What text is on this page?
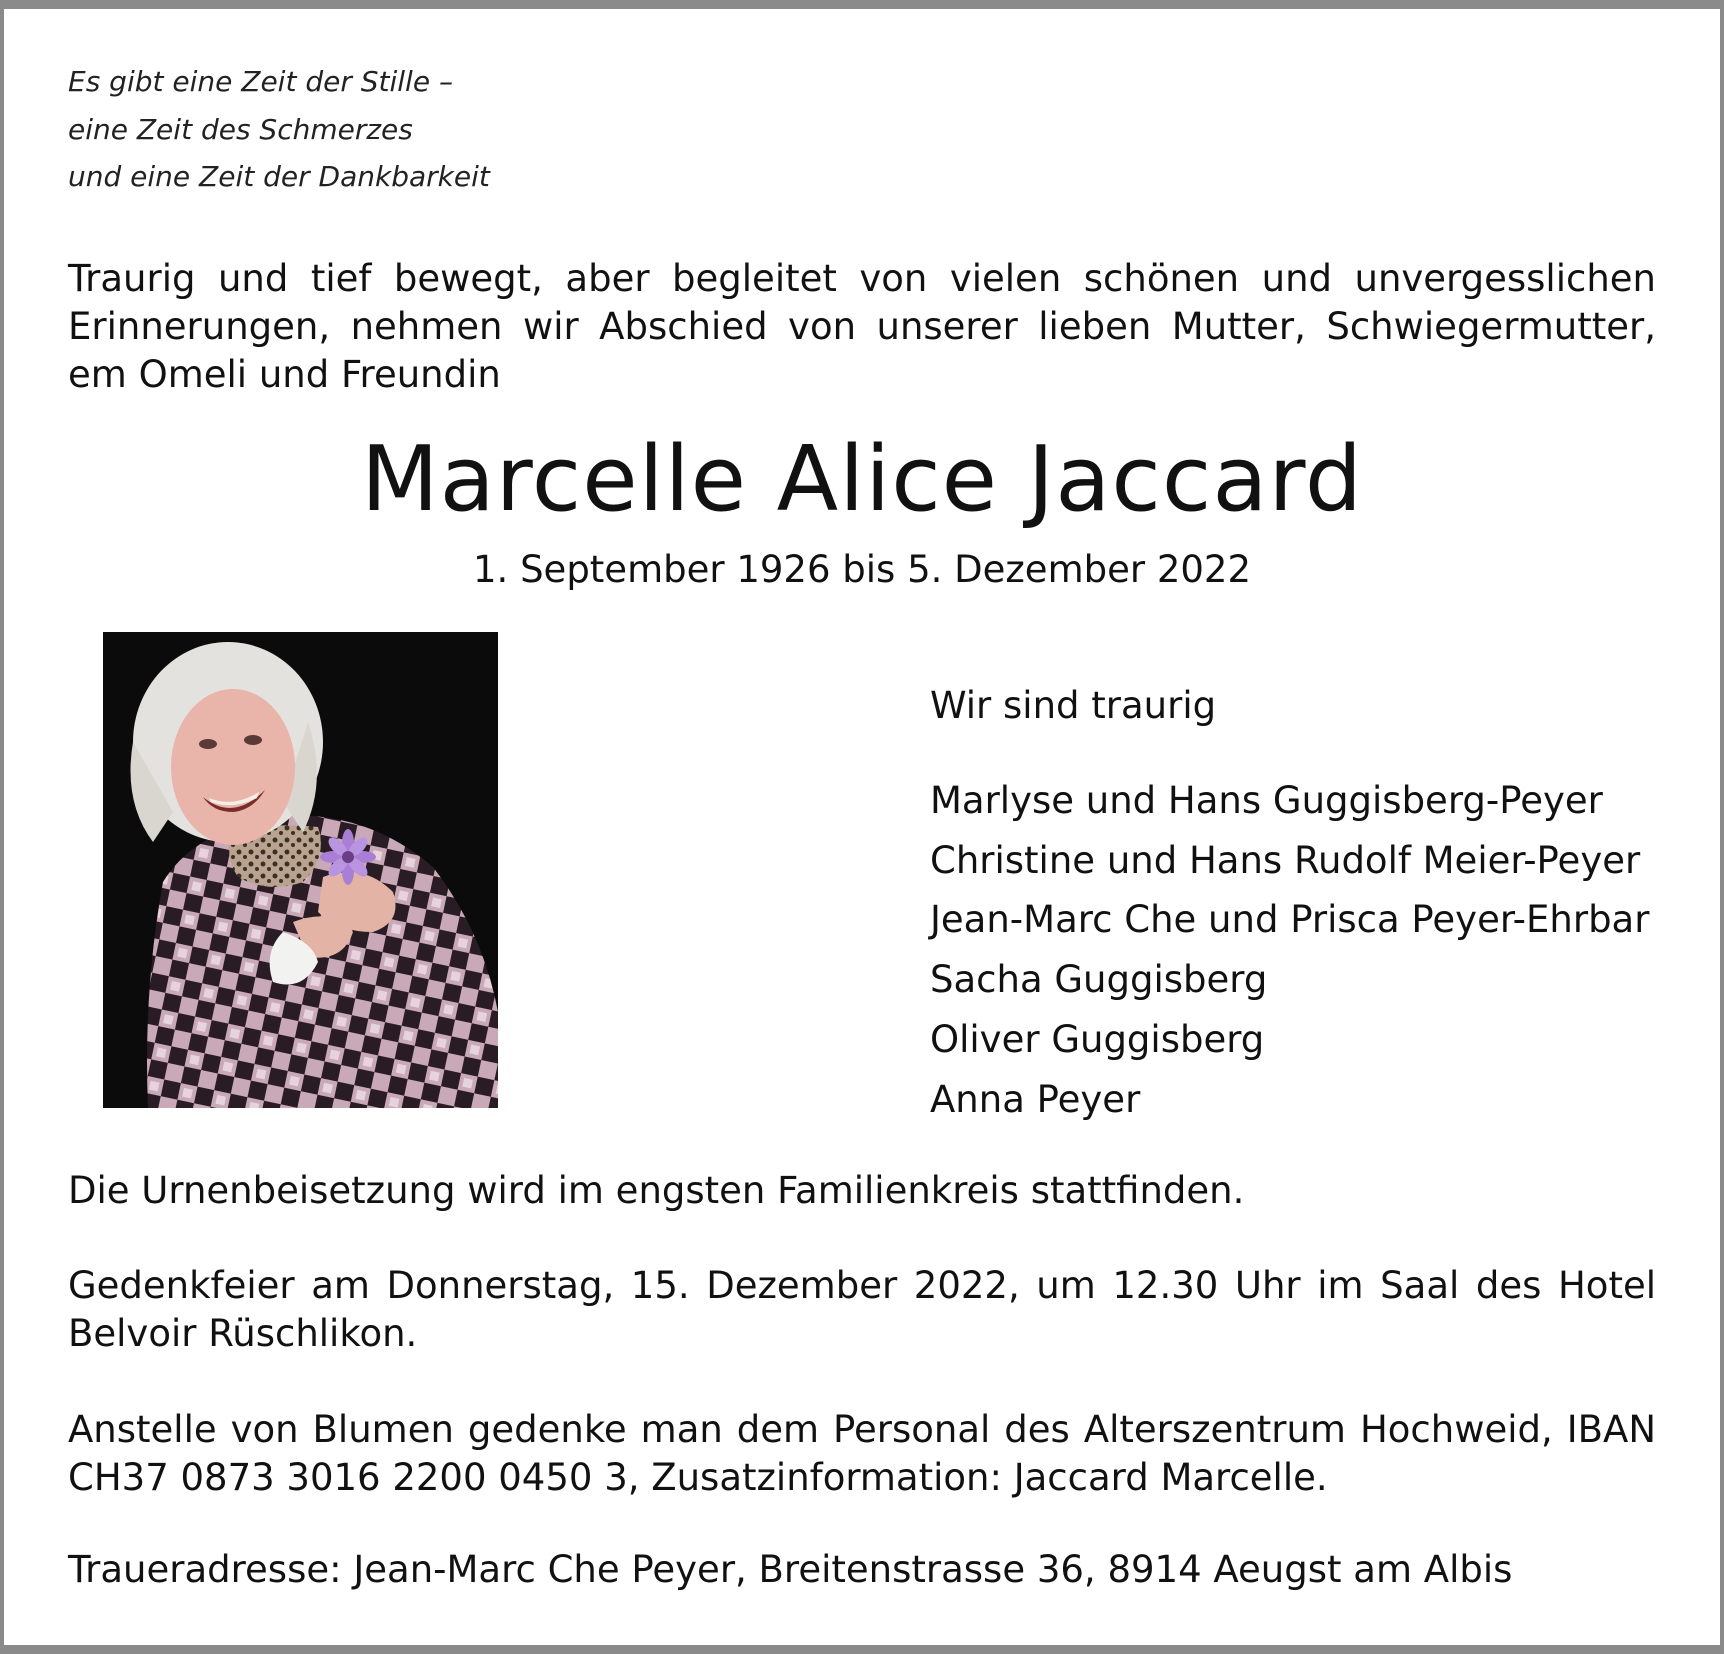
Es gibt eine Zeit der Stille –
eine Zeit des Schmerzes
und eine Zeit der Dankbarkeit
Traurig und tief bewegt, aber begleitet von vielen schönen und unvergesslichen Erinnerungen, nehmen wir Abschied von unserer lieben Mutter, Schwiegermutter, em Omeli und Freundin
Marcelle Alice Jaccard
1. September 1926 bis 5. Dezember 2022
Wir sind traurig
Marlyse und Hans Guggisberg-Peyer
Christine und Hans Rudolf Meier-Peyer
Jean-Marc Che und Prisca Peyer-Ehrbar
Sacha Guggisberg
Oliver Guggisberg
Anna Peyer
Die Urnenbeisetzung wird im engsten Familienkreis stattfinden.
Gedenkfeier am Donnerstag, 15. Dezember 2022, um 12.30 Uhr im Saal des Hotel Belvoir Rüschlikon.
Anstelle von Blumen gedenke man dem Personal des Alterszentrum Hochweid, IBAN CH37 0873 3016 2200 0450 3, Zusatzinformation: Jaccard Marcelle.
Traueradresse: Jean-Marc Che Peyer, Breitenstrasse 36, 8914 Aeugst am Albis
